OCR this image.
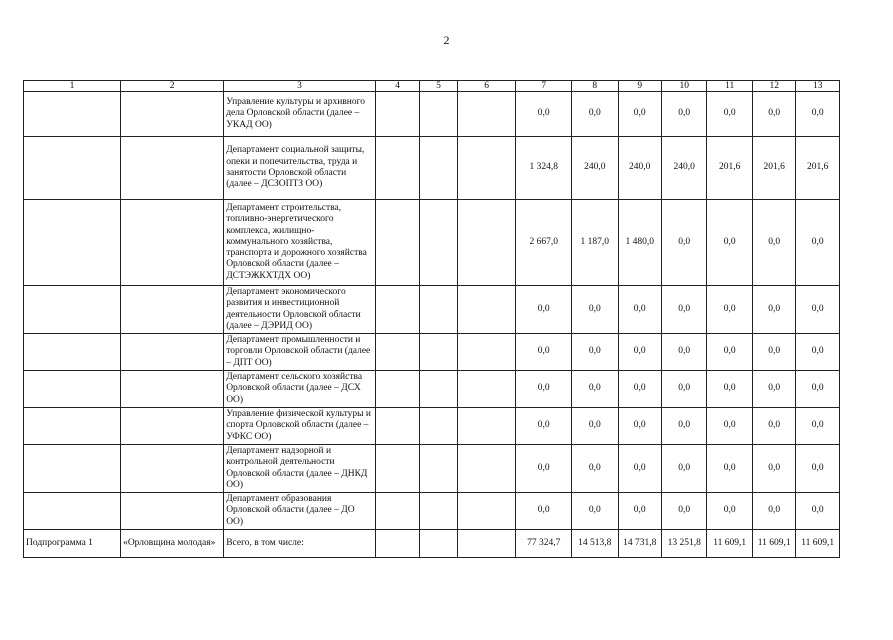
2
1	2	3	4	5	6	7	8	9	10	11	12	13
		Управление культуры и архивного дела Орловской области (далее – УКАД ОО)				0,0	0,0	0,0	0,0	0,0	0,0	0,0
		Департамент социальной защиты, опеки и попечительства, труда и занятости Орловской области (далее – ДСЗОПТЗ ОО)				1 324,8	240,0	240,0	240,0	201,6	201,6	201,6
		Департамент строительства, топливно-энергетического комплекса, жилищно-коммунального хозяйства, транспорта и дорожного хозяйства Орловской области (далее – ДСТЭЖКХТДХ ОО)				2 667,0	1 187,0	1 480,0	0,0	0,0	0,0	0,0
		Департамент экономического развития и инвестиционной деятельности Орловской области (далее – ДЭРИД ОО)				0,0	0,0	0,0	0,0	0,0	0,0	0,0
		Департамент промышленности и торговли Орловской области (далее – ДПТ ОО)				0,0	0,0	0,0	0,0	0,0	0,0	0,0
		Департамент сельского хозяйства Орловской области (далее – ДСХ ОО)				0,0	0,0	0,0	0,0	0,0	0,0	0,0
		Управление физической культуры и спорта Орловской области (далее – УФКС ОО)				0,0	0,0	0,0	0,0	0,0	0,0	0,0
		Департамент надзорной и контрольной деятельности Орловской области (далее – ДНКД ОО)				0,0	0,0	0,0	0,0	0,0	0,0	0,0
		Департамент образования Орловской области (далее – ДО ОО)				0,0	0,0	0,0	0,0	0,0	0,0	0,0
Подпрограмма 1	«Орловщина молодая»	Всего, в том числе:				77 324,7	14 513,8	14 731,8	13 251,8	11 609,1	11 609,1	11 609,1
